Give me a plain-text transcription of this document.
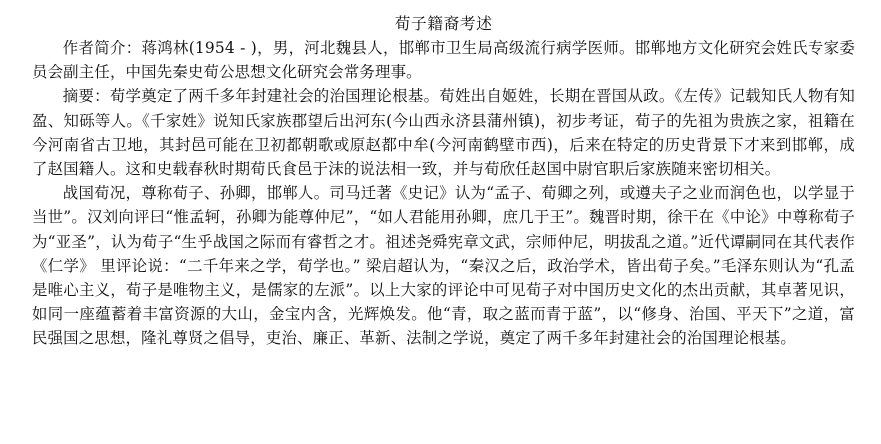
荀子籍裔考述

作者简介：蒋鸿林(1954 - )，男，河北魏县人，邯郸市卫生局高级流行病学医师。邯郸地方文化研究会姓氏专家委员会副主任，中国先秦史荀公思想文化研究会常务理事。

摘要：荀学奠定了两千多年封建社会的治国理论根基。荀姓出自姬姓，长期在晋国从政。《左传》记载知氏人物有知盈、知砾等人。《千家姓》说知氏家族郡望后出河东(今山西永济县蒲州镇)，初步考证，荀子的先祖为贵族之家，祖籍在今河南省古卫地，其封邑可能在卫初都朝歌或原赵都中牟(今河南鹤壁市西)，后来在特定的历史背景下才来到邯郸，成了赵国籍人。这和史载春秋时期荀氏食邑于沫的说法相一致，并与荀欣任赵国中尉官职后家族随来密切相关。

战国荀况，尊称荀子、孙卿，邯郸人。司马迁著《史记》认为“孟子、荀卿之列，或遵夫子之业而润色也，以学显于当世”。汉刘向评曰“惟孟轲，孙卿为能尊仲尼”，“如人君能用孙卿，庶几于王”。魏晋时期，徐干在《中论》中尊称荀子为“亚圣”，认为荀子“生乎战国之际而有睿哲之才。祖述尧舜宪章文武，宗师仲尼，明拔乱之道。”近代谭嗣同在其代表作《仁学》 里评论说：“二千年来之学，荀学也。” 梁启超认为，“秦汉之后，政治学术，皆出荀子矣。”毛泽东则认为“孔孟是唯心主义，荀子是唯物主义，是儒家的左派”。以上大家的评论中可见荀子对中国历史文化的杰出贡献，其卓著见识，如同一座蕴蓄着丰富资源的大山，金宝内含，光辉焕发。他“青，取之蓝而青于蓝”，以“修身、治国、平天下”之道，富民强国之思想，隆礼尊贤之倡导，吏治、廉正、革新、法制之学说，奠定了两千多年封建社会的治国理论根基。
